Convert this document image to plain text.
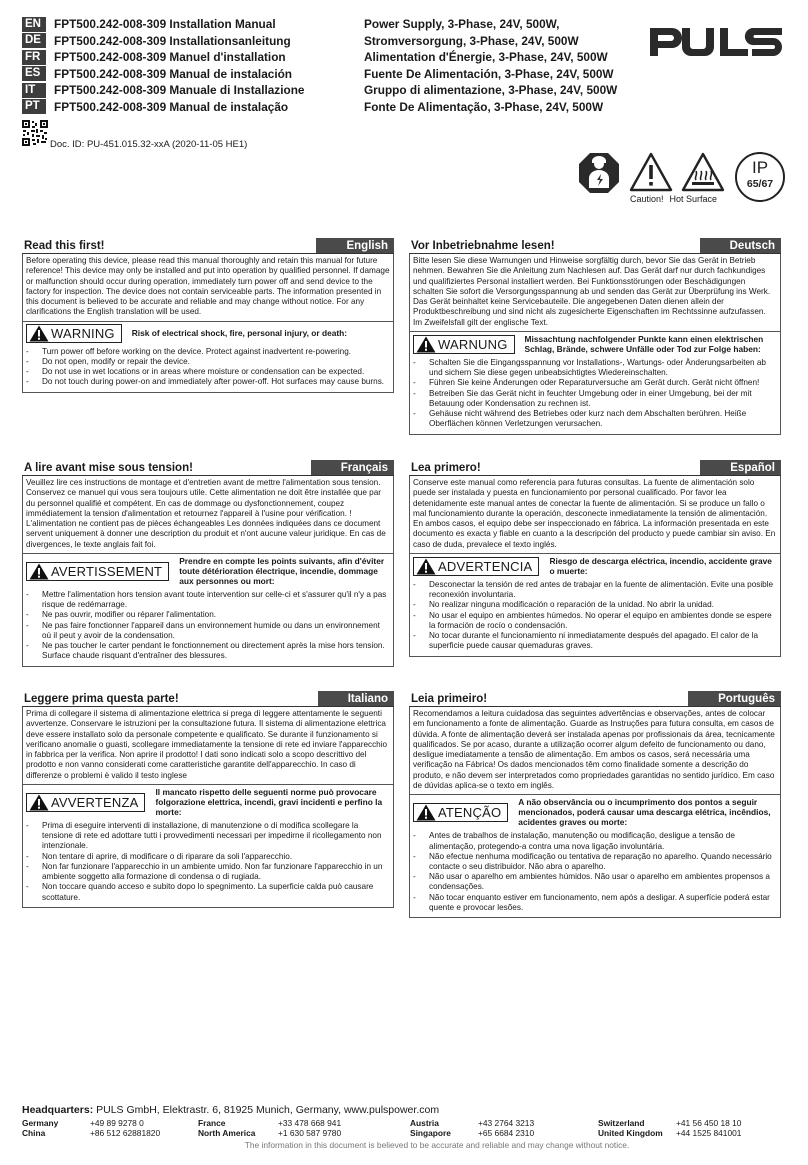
EN	FPT500.242-008-309 Installation Manual	Power Supply, 3-Phase, 24V, 500W,
DE	FPT500.242-008-309 Installationsanleitung	Stromversorgung, 3-Phase, 24V, 500W
FR	FPT500.242-008-309 Manuel d'installation	Alimentation d'Énergie, 3-Phase, 24V, 500W
ES	FPT500.242-008-309 Manual de instalación	Fuente De Alimentación, 3-Phase, 24V, 500W
IT	FPT500.242-008-309 Manuale di Installazione	Gruppo di alimentazione, 3-Phase, 24V, 500W
PT	FPT500.242-008-309 Manual de instalação	Fonte De Alimentação, 3-Phase, 24V, 500W
Doc. ID: PU-451.015.32-xxA (2020-11-05 HE1)
Caution! Hot Surface
IP
65/67
Read this first!	English
Before operating this device, please read this manual thoroughly and retain this manual for future reference! This device may only be installed and put into operation by qualified personnel. If damage or malfunction should occur during operation, immediately turn power off and send device to the factory for inspection. The device does not contain serviceable parts. The information presented in this document is believed to be accurate and reliable and may change without notice. For any clarifications the English translation will be used.
WARNING	Risk of electrical shock, fire, personal injury, or death:
-	Turn power off before working on the device. Protect against inadvertent re-powering.
-	Do not open, modify or repair the device.
-	Do not use in wet locations or in areas where moisture or condensation can be expected.
-	Do not touch during power-on and immediately after power-off. Hot surfaces may cause burns.
Vor Inbetriebnahme lesen!	Deutsch
Bitte lesen Sie diese Warnungen und Hinweise sorgfältig durch, bevor Sie das Gerät in Betrieb nehmen. Bewahren Sie die Anleitung zum Nachlesen auf. Das Gerät darf nur durch fachkundiges und qualifiziertes Personal installiert werden. Bei Funktionsstörungen oder Beschädigungen schalten Sie sofort die Versorgungsspannung ab und senden das Gerät zur Überprüfung ins Werk. Das Gerät beinhaltet keine Servicebauteile. Die angegebenen Daten dienen allein der Produktbeschreibung und sind nicht als zugesicherte Eigenschaften im Rechtssinne aufzufassen. Im Zweifelsfall gilt der englische Text.
WARNUNG	Missachtung nachfolgender Punkte kann einen elektrischen Schlag, Brände, schwere Unfälle oder Tod zur Folge haben:
-	Schalten Sie die Eingangsspannung vor Installations-, Wartungs- oder Änderungsarbeiten ab und sichern Sie diese gegen unbeabsichtigtes Wiedereinschalten.
-	Führen Sie keine Änderungen oder Reparaturversuche am Gerät durch. Gerät nicht öffnen!
-	Betreiben Sie das Gerät nicht in feuchter Umgebung oder in einer Umgebung, bei der mit Betauung oder Kondensation zu rechnen ist.
-	Gehäuse nicht während des Betriebes oder kurz nach dem Abschalten berühren. Heiße Oberflächen können Verletzungen verursachen.
A lire avant mise sous tension!	Français
Veuillez lire ces instructions de montage et d'entretien avant de mettre l'alimentation sous tension. Conservez ce manuel qui vous sera toujours utile. Cette alimentation ne doit être installée que par du personnel qualifié et compétent. En cas de dommage ou dysfonctionnement, coupez immédiatement la tension d'alimentation et retournez l'appareil à l'usine pour vérification. ! L'alimentation ne contient pas de pièces échangeables Les données indiquées dans ce document servent uniquement à donner une description du produit et n'ont aucune valeur juridique. En cas de divergences, le texte anglais fait foi.
AVERTISSEMENT
Prendre en compte les points suivants, afin d'éviter toute détérioration électrique, incendie, dommage aux personnes ou mort:
-	Mettre l'alimentation hors tension avant toute intervention sur celle-ci et s'assurer qu'il n'y a pas risque de redémarrage.
-	Ne pas ouvrir, modifier ou réparer l'alimentation.
-	Ne pas faire fonctionner l'appareil dans un environnement humide ou dans un environnement où il peut y avoir de la condensation.
-	Ne pas toucher le carter pendant le fonctionnement ou directement après la mise hors tension. Surface chaude risquant d'entraîner des blessures.
Lea primero!	Español
Conserve este manual como referencia para futuras consultas. La fuente de alimentación solo puede ser instalada y puesta en funcionamiento por personal cualificado. Por favor lea detenidamente este manual antes de conectar la fuente de alimentación. Si se produce un fallo o mal funcionamiento durante la operación, desconecte inmediatamente la tensión de alimentación. En ambos casos, el equipo debe ser inspeccionado en fábrica. La información presentada en este documento es exacta y fiable en cuanto a la descripción del producto y puede cambiar sin aviso. En caso de duda, prevalece el texto inglés.
ADVERTENCIA	Riesgo de descarga eléctrica, incendio, accidente grave o muerte:
-	Desconectar la tensión de red antes de trabajar en la fuente de alimentación. Evite una posible reconexión involuntaria.
-	No realizar ninguna modificación o reparación de la unidad. No abrir la unidad.
-	No usar el equipo en ambientes húmedos. No operar el equipo en ambientes donde se espere la formación de rocío o condensación.
-	No tocar durante el funcionamiento ni inmediatamente después del apagado. El calor de la superficie puede causar quemaduras graves.
Leggere prima questa parte!	Italiano
Prima di collegare il sistema di alimentazione elettrica si prega di leggere attentamente le seguenti avvertenze. Conservare le istruzioni per la consultazione futura. Il sistema di alimentazione elettrica deve essere installato solo da personale competente e qualificato. Se durante il funzionamento si verificano anomalie o guasti, scollegare immediatamente la tensione di rete ed inviare l'apparecchio in fabbrica per la verifica. Non aprire il prodotto! I dati sono indicati solo a scopo descrittivo del prodotto e non vanno considerati come caratteristiche garantite dell'apparecchio. In caso di differenze o problemi è valido il testo inglese
AVVERTENZA
Il mancato rispetto delle seguenti norme può provocare folgorazione elettrica, incendi, gravi incidenti e perfino la morte:
-	Prima di eseguire interventi di installazione, di manutenzione o di modifica scollegare la tensione di rete ed adottare tutti i provvedimenti necessari per impedirne il ricollegamento non intenzionale.
-	Non tentare di aprire, di modificare o di riparare da soli l'apparecchio.
-	Non far funzionare l'apparecchio in un ambiente umido. Non far funzionare l'apparecchio in un ambiente soggetto alla formazione di condensa o di rugiada.
-	Non toccare quando acceso e subito dopo lo spegnimento. La superficie calda può causare scottature.
Leia primeiro!	Português
Recomendamos a leitura cuidadosa das seguintes advertências e observações, antes de colocar em funcionamento a fonte de alimentação. Guarde as Instruções para futura consulta, em casos de dúvida. A fonte de alimentação deverá ser instalada apenas por profissionais da área, tecnicamente qualificados. Se por acaso, durante a utilização ocorrer algum defeito de funcionamento ou dano, desligue imediatamente a tensão de alimentação. Em ambos os casos, será necessária uma verificação na Fábrica! Os dados mencionados têm como finalidade somente a descrição do produto, e não devem ser interpretados como propriedades garantidas no sentido jurídico. Em caso de dúvidas aplica-se o texto em inglês.
ATENÇÃO
A não observância ou o incumprimento dos pontos a seguir mencionados, poderá causar uma descarga elétrica, incêndios, acidentes graves ou morte:
-	Antes de trabalhos de instalação, manutenção ou modificação, desligue a tensão de alimentação, protegendo-a contra uma nova ligação involuntária.
-	Não efectue nenhuma modificação ou tentativa de reparação no aparelho. Quando necessário contacte o seu distribuidor. Não abra o aparelho.
-	Não usar o aparelho em ambientes húmidos. Não usar o aparelho em ambientes propensos a condensações.
-	Não tocar enquanto estiver em funcionamento, nem após a desligar. A superfície poderá estar quente e provocar lesões.
Headquarters: PULS GmbH, Elektrastr. 6, 81925 Munich, Germany, www.pulspower.com
Germany	+49 89 9278 0	France	+33 478 668 941	Austria	+43 2764 3213	Switzerland	+41 56 450 18 10
China	+86 512 62881820	North America	+1 630 587 9780	Singapore	+65 6684 2310	United Kingdom	+44 1525 841001
The information in this document is believed to be accurate and reliable and may change without notice.
